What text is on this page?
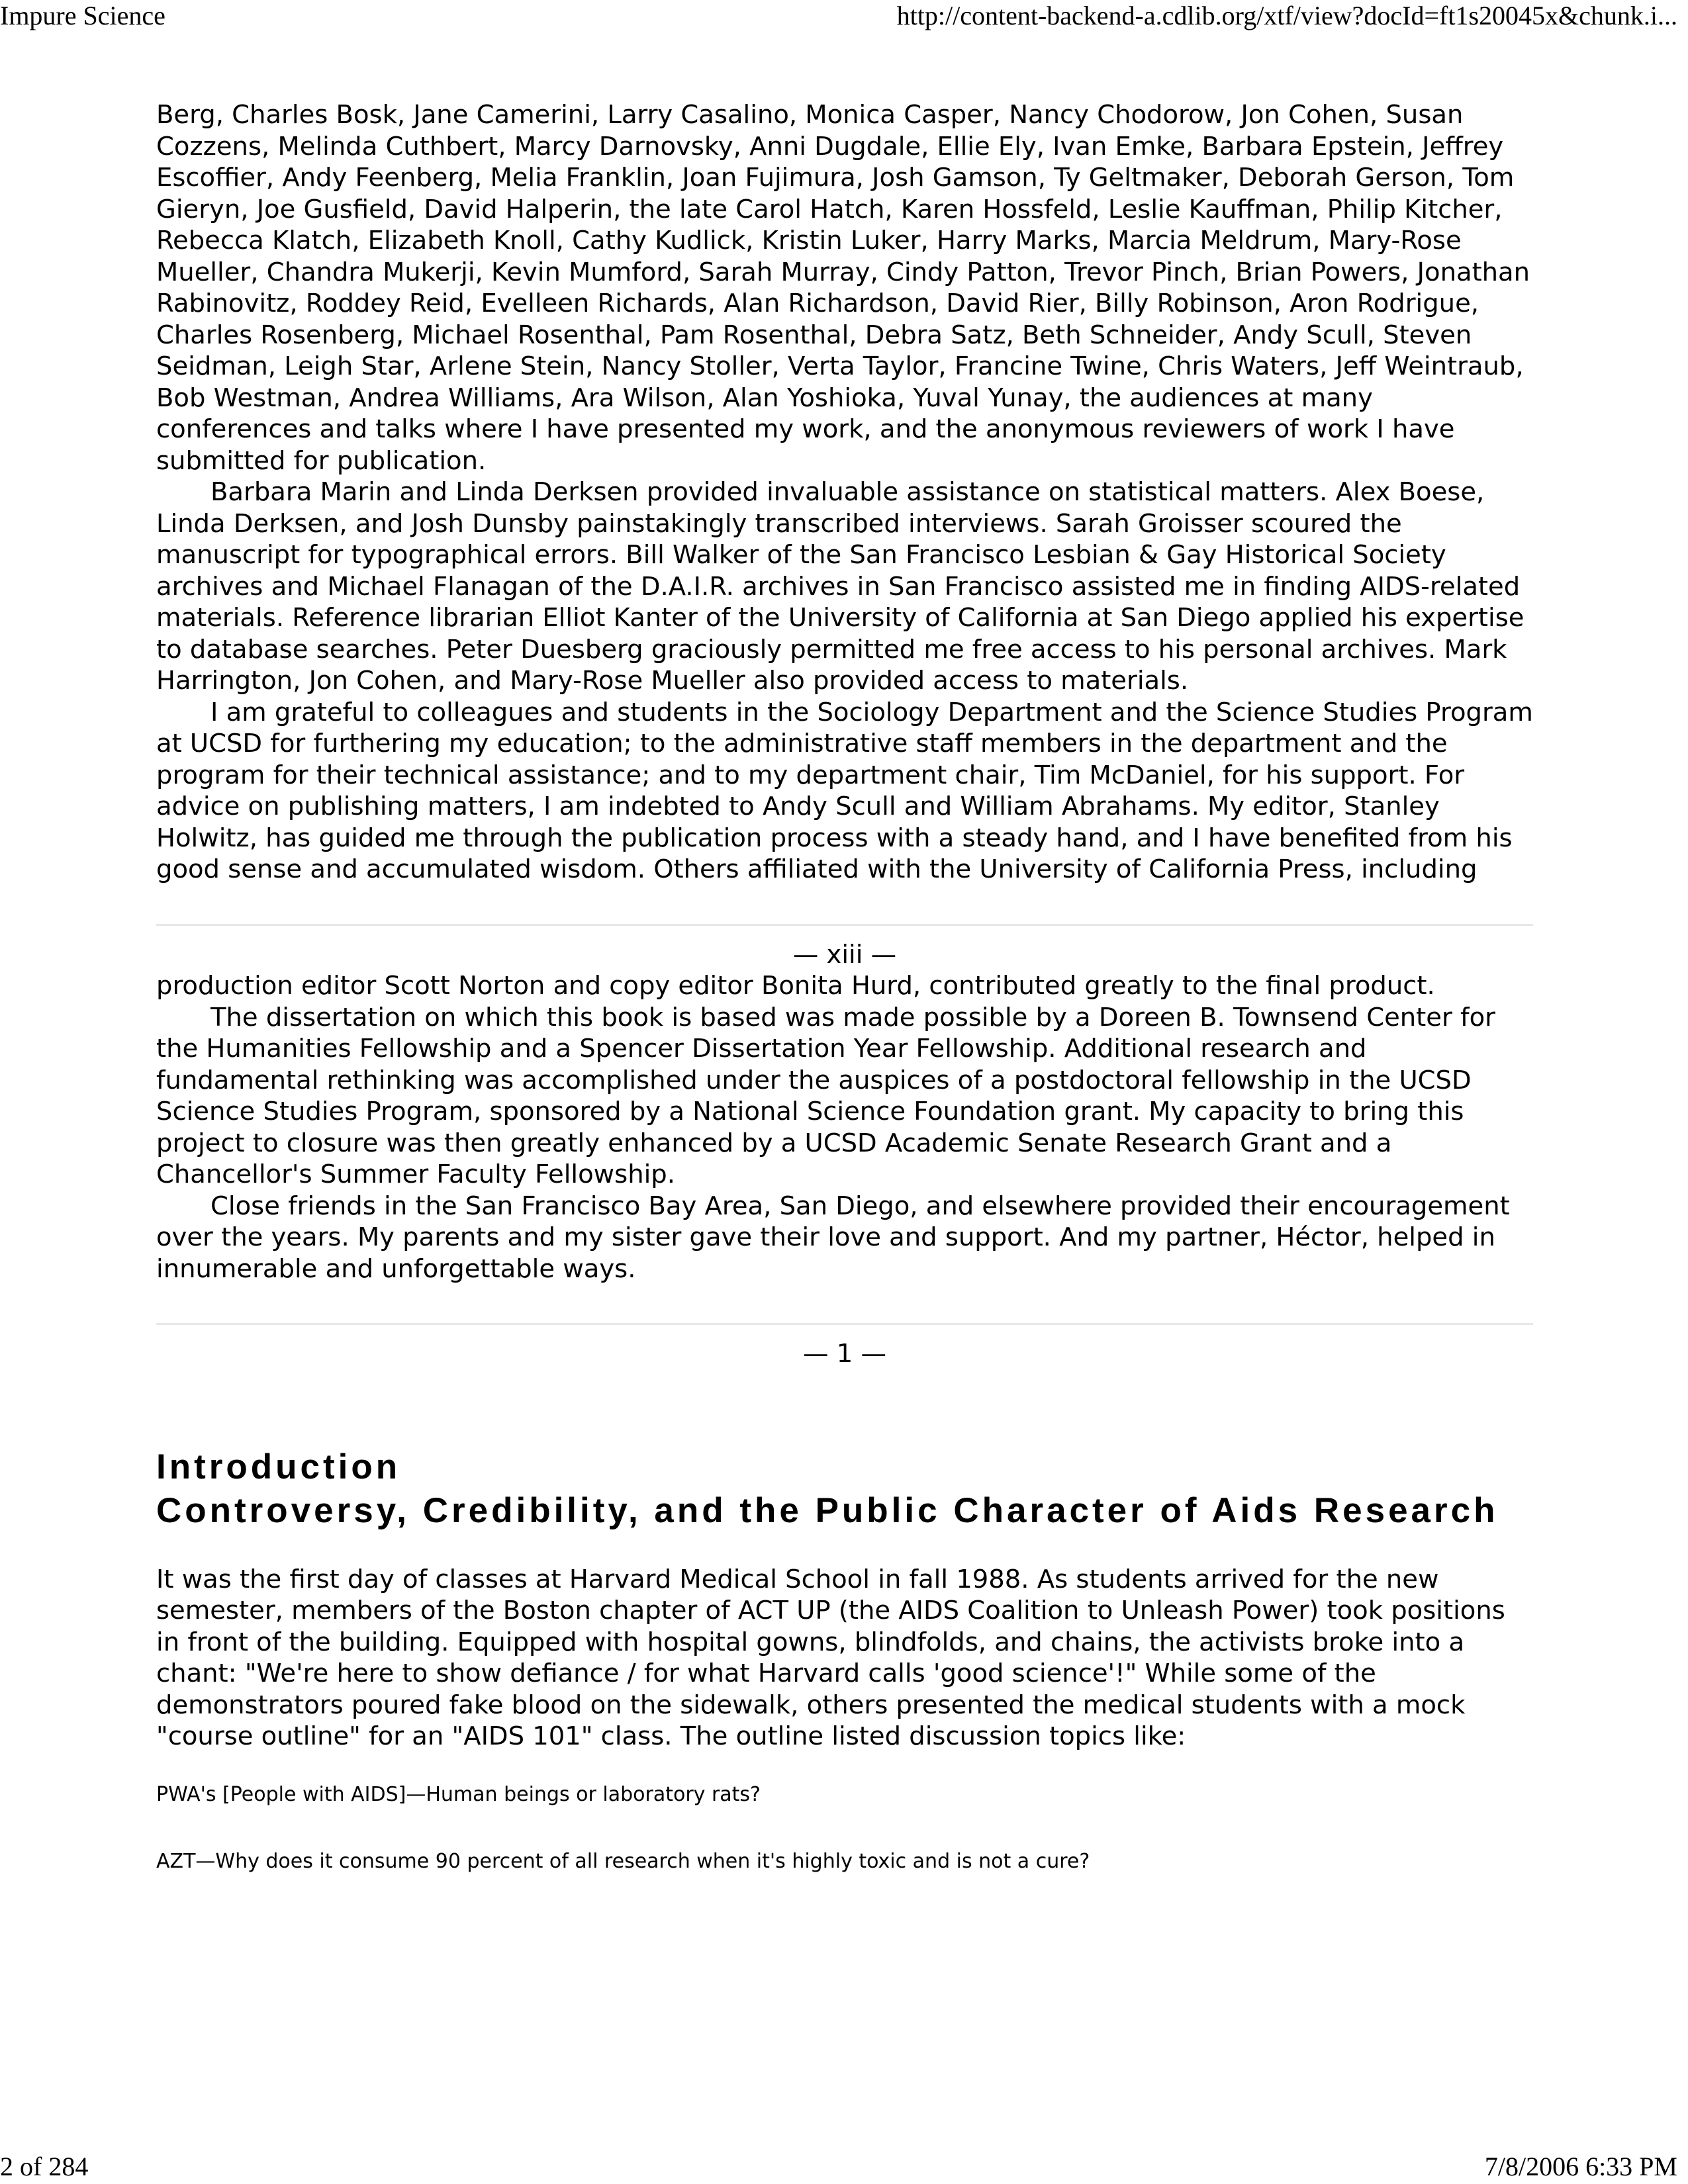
Impure Science	http://content-backend-a.cdlib.org/xtf/view?docId=ft1s20045x&chunk.i...

Berg, Charles Bosk, Jane Camerini, Larry Casalino, Monica Casper, Nancy Chodorow, Jon Cohen, Susan Cozzens, Melinda Cuthbert, Marcy Darnovsky, Anni Dugdale, Ellie Ely, Ivan Emke, Barbara Epstein, Jeffrey Escoffier, Andy Feenberg, Melia Franklin, Joan Fujimura, Josh Gamson, Ty Geltmaker, Deborah Gerson, Tom Gieryn, Joe Gusfield, David Halperin, the late Carol Hatch, Karen Hossfeld, Leslie Kauffman, Philip Kitcher, Rebecca Klatch, Elizabeth Knoll, Cathy Kudlick, Kristin Luker, Harry Marks, Marcia Meldrum, Mary-Rose Mueller, Chandra Mukerji, Kevin Mumford, Sarah Murray, Cindy Patton, Trevor Pinch, Brian Powers, Jonathan Rabinovitz, Roddey Reid, Evelleen Richards, Alan Richardson, David Rier, Billy Robinson, Aron Rodrigue, Charles Rosenberg, Michael Rosenthal, Pam Rosenthal, Debra Satz, Beth Schneider, Andy Scull, Steven Seidman, Leigh Star, Arlene Stein, Nancy Stoller, Verta Taylor, Francine Twine, Chris Waters, Jeff Weintraub, Bob Westman, Andrea Williams, Ara Wilson, Alan Yoshioka, Yuval Yunay, the audiences at many conferences and talks where I have presented my work, and the anonymous reviewers of work I have submitted for publication.

Barbara Marin and Linda Derksen provided invaluable assistance on statistical matters. Alex Boese, Linda Derksen, and Josh Dunsby painstakingly transcribed interviews. Sarah Groisser scoured the manuscript for typographical errors. Bill Walker of the San Francisco Lesbian & Gay Historical Society archives and Michael Flanagan of the D.A.I.R. archives in San Francisco assisted me in finding AIDS-related materials. Reference librarian Elliot Kanter of the University of California at San Diego applied his expertise to database searches. Peter Duesberg graciously permitted me free access to his personal archives. Mark Harrington, Jon Cohen, and Mary-Rose Mueller also provided access to materials.

I am grateful to colleagues and students in the Sociology Department and the Science Studies Program at UCSD for furthering my education; to the administrative staff members in the department and the program for their technical assistance; and to my department chair, Tim McDaniel, for his support. For advice on publishing matters, I am indebted to Andy Scull and William Abrahams. My editor, Stanley Holwitz, has guided me through the publication process with a steady hand, and I have benefited from his good sense and accumulated wisdom. Others affiliated with the University of California Press, including

— xiii —

production editor Scott Norton and copy editor Bonita Hurd, contributed greatly to the final product.

The dissertation on which this book is based was made possible by a Doreen B. Townsend Center for the Humanities Fellowship and a Spencer Dissertation Year Fellowship. Additional research and fundamental rethinking was accomplished under the auspices of a postdoctoral fellowship in the UCSD Science Studies Program, sponsored by a National Science Foundation grant. My capacity to bring this project to closure was then greatly enhanced by a UCSD Academic Senate Research Grant and a Chancellor's Summer Faculty Fellowship.

Close friends in the San Francisco Bay Area, San Diego, and elsewhere provided their encouragement over the years. My parents and my sister gave their love and support. And my partner, Héctor, helped in innumerable and unforgettable ways.

— 1 —

Introduction

Controversy, Credibility, and the Public Character of Aids Research

It was the first day of classes at Harvard Medical School in fall 1988. As students arrived for the new semester, members of the Boston chapter of ACT UP (the AIDS Coalition to Unleash Power) took positions in front of the building. Equipped with hospital gowns, blindfolds, and chains, the activists broke into a chant: "We're here to show defiance / for what Harvard calls 'good science'!" While some of the demonstrators poured fake blood on the sidewalk, others presented the medical students with a mock "course outline" for an "AIDS 101" class. The outline listed discussion topics like:

PWA's [People with AIDS]—Human beings or laboratory rats?

AZT—Why does it consume 90 percent of all research when it's highly toxic and is not a cure?

2 of 284	7/8/2006 6:33 PM
